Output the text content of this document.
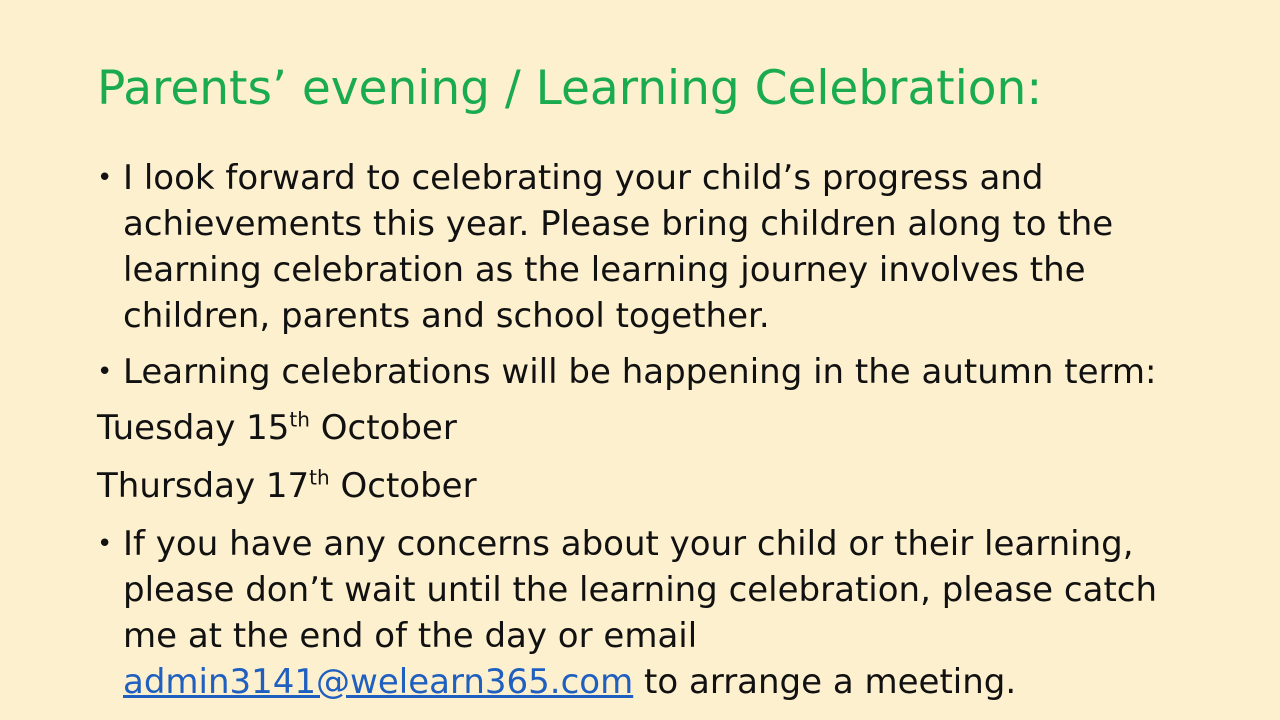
Parents’ evening / Learning Celebration:
• I look forward to celebrating your child’s progress and achievements this year. Please bring children along to the learning celebration as the learning journey involves the children, parents and school together.
• Learning celebrations will be happening in the autumn term:
Tuesday 15th October
Thursday 17th October
• If you have any concerns about your child or their learning, please don’t wait until the learning celebration, please catch me at the end of the day or email admin3141@welearn365.com to arrange a meeting.
